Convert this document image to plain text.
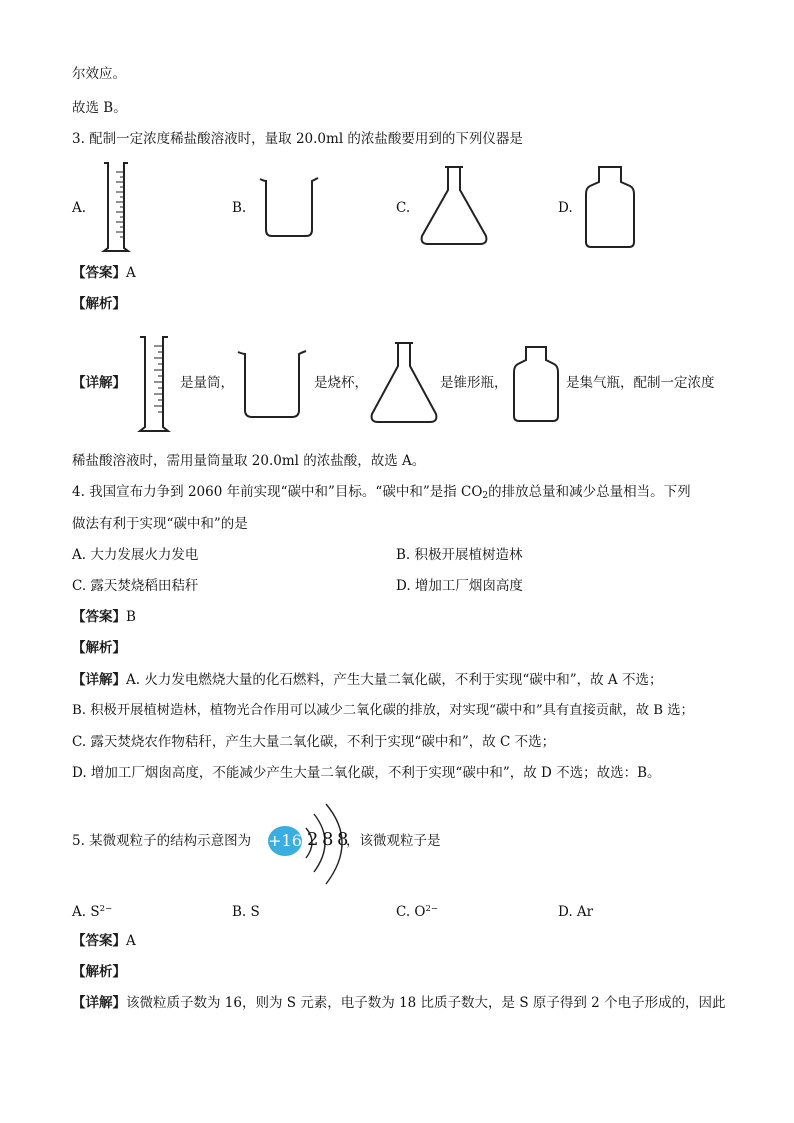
尔效应。
故选 B。
3. 配制一定浓度稀盐酸溶液时，量取 20.0ml 的浓盐酸要用到的下列仪器是
A.	B.	C.	D.
【答案】A
【解析】
【详解】	是量筒，	是烧杯，	是锥形瓶，	是集气瓶，配制一定浓度
稀盐酸溶液时，需用量筒量取 20.0ml 的浓盐酸，故选 A。
4. 我国宣布力争到 2060 年前实现“碳中和”目标。“碳中和”是指 $CO_2$的排放总量和减少总量相当。下列
做法有利于实现“碳中和”的是
A. 大力发展火力发电	B. 积极开展植树造林
C. 露天焚烧稻田秸秆	D. 增加工厂烟囱高度
【答案】B
【解析】
【详解】A. 火力发电燃烧大量的化石燃料，产生大量二氧化碳，不利于实现“碳中和”，故 A 不选；
B. 积极开展植树造林，植物光合作用可以减少二氧化碳的排放，对实现“碳中和”具有直接贡献，故 B 选；
C. 露天焚烧农作物秸秆，产生大量二氧化碳，不利于实现“碳中和”，故 C 不选；
D. 增加工厂烟囱高度，不能减少产生大量二氧化碳，不利于实现“碳中和”，故 D 不选；故选：B。
5. 某微观粒子的结构示意图为 +16 2 8 8
，该微观粒子是
A. $S^{2-}$	B. S	C. $O^{2-}$	D. Ar
【答案】A
【解析】
【详解】该微粒质子数为 16，则为 S 元素，电子数为 18 比质子数大，是 S 原子得到 2 个电子形成的，因此
